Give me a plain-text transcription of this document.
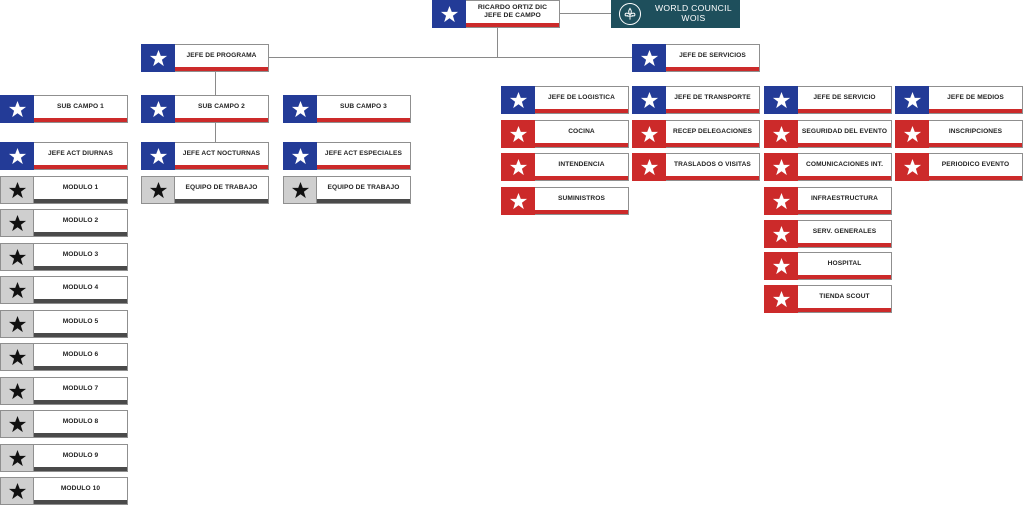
RICARDO ORTIZ DIC
JEFE DE CAMPO
WORLD COUNCIL
WOIS
JEFE DE PROGRAMA	JEFE DE SERVICIOS
SUB CAMPO 1	SUB CAMPO 2	SUB CAMPO 3
JEFE ACT DIURNAS	JEFE ACT NOCTURNAS	JEFE ACT ESPECIALES
EQUIPO DE TRABAJO	EQUIPO DE TRABAJO
MODULO 1
MODULO 2
MODULO 3
MODULO 4
MODULO 5
MODULO 6
MODULO 7
MODULO 8
MODULO 9
MODULO 10
JEFE DE LOGISTICA	JEFE DE TRANSPORTE	JEFE DE SERVICIO	JEFE DE MEDIOS
COCINA
INTENDENCIA
SUMINISTROS
RECEP DELEGACIONES
TRASLADOS O VISITAS
SEGURIDAD DEL EVENTO
COMUNICACIONES INT.
INFRAESTRUCTURA
SERV. GENERALES
HOSPITAL
TIENDA SCOUT
INSCRIPCIONES
PERIODICO EVENTO
